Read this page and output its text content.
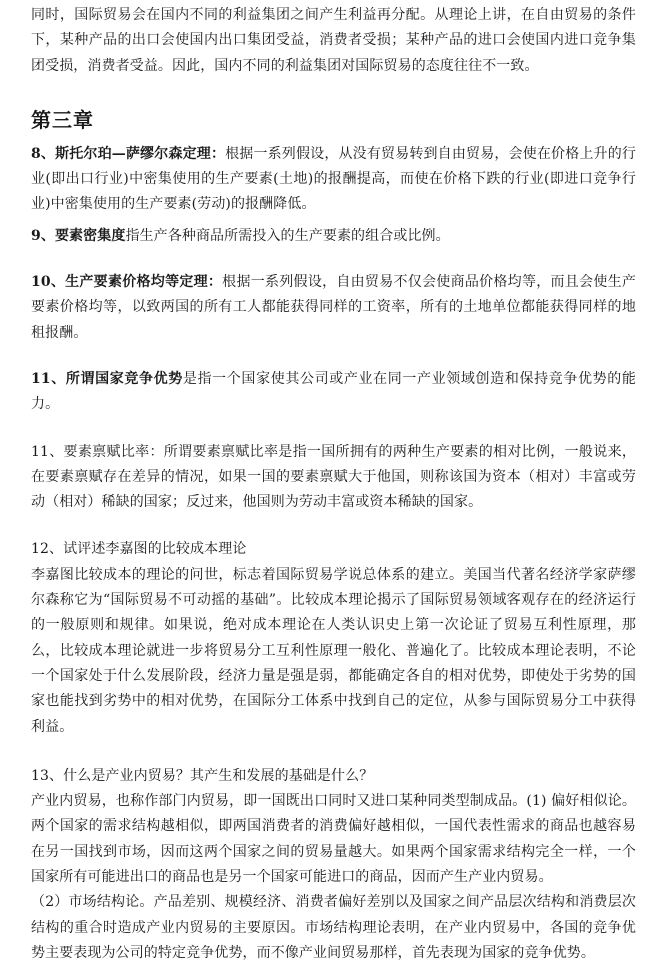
同时，国际贸易会在国内不同的利益集团之间产生利益再分配。从理论上讲，在自由贸易的条件下，某种产品的出口会使国内出口集团受益，消费者受损；某种产品的进口会使国内进口竞争集团受损，消费者受益。因此，国内不同的利益集团对国际贸易的态度往往不一致。

第三章

8、斯托尔珀—萨缪尔森定理：根据一系列假设，从没有贸易转到自由贸易，会使在价格上升的行业(即出口行业)中密集使用的生产要素(土地)的报酬提高，而使在价格下跌的行业(即进口竞争行业)中密集使用的生产要素(劳动)的报酬降低。

9、要素密集度指生产各种商品所需投入的生产要素的组合或比例。

10、生产要素价格均等定理：根据一系列假设，自由贸易不仅会使商品价格均等，而且会使生产要素价格均等，以致两国的所有工人都能获得同样的工资率，所有的土地单位都能获得同样的地租报酬。

11、所谓国家竞争优势是指一个国家使其公司或产业在同一产业领域创造和保持竞争优势的能力。

11、要素禀赋比率：所谓要素禀赋比率是指一国所拥有的两种生产要素的相对比例，一般说来，在要素禀赋存在差异的情况，如果一国的要素禀赋大于他国，则称该国为资本（相对）丰富或劳动（相对）稀缺的国家；反过来，他国则为劳动丰富或资本稀缺的国家。

12、试评述李嘉图的比较成本理论

李嘉图比较成本的理论的问世，标志着国际贸易学说总体系的建立。美国当代著名经济学家萨缪尔森称它为“国际贸易不可动摇的基础”。比较成本理论揭示了国际贸易领域客观存在的经济运行的一般原则和规律。如果说，绝对成本理论在人类认识史上第一次论证了贸易互利性原理，那么，比较成本理论就进一步将贸易分工互利性原理一般化、普遍化了。比较成本理论表明，不论一个国家处于什么发展阶段，经济力量是强是弱，都能确定各自的相对优势，即使处于劣势的国家也能找到劣势中的相对优势，在国际分工体系中找到自己的定位，从参与国际贸易分工中获得利益。

13、什么是产业内贸易？其产生和发展的基础是什么？

产业内贸易，也称作部门内贸易，即一国既出口同时又进口某种同类型制成品。(1) 偏好相似论。两个国家的需求结构越相似，即两国消费者的消费偏好越相似，一国代表性需求的商品也越容易在另一国找到市场，因而这两个国家之间的贸易量越大。如果两个国家需求结构完全一样，一个国家所有可能进出口的商品也是另一个国家可能进口的商品，因而产生产业内贸易。

（2）市场结构论。产品差别、规模经济、消费者偏好差别以及国家之间产品层次结构和消费层次结构的重合时造成产业内贸易的主要原因。市场结构理论表明，在产业内贸易中，各国的竞争优势主要表现为公司的特定竞争优势，而不像产业间贸易那样，首先表现为国家的竞争优势。
